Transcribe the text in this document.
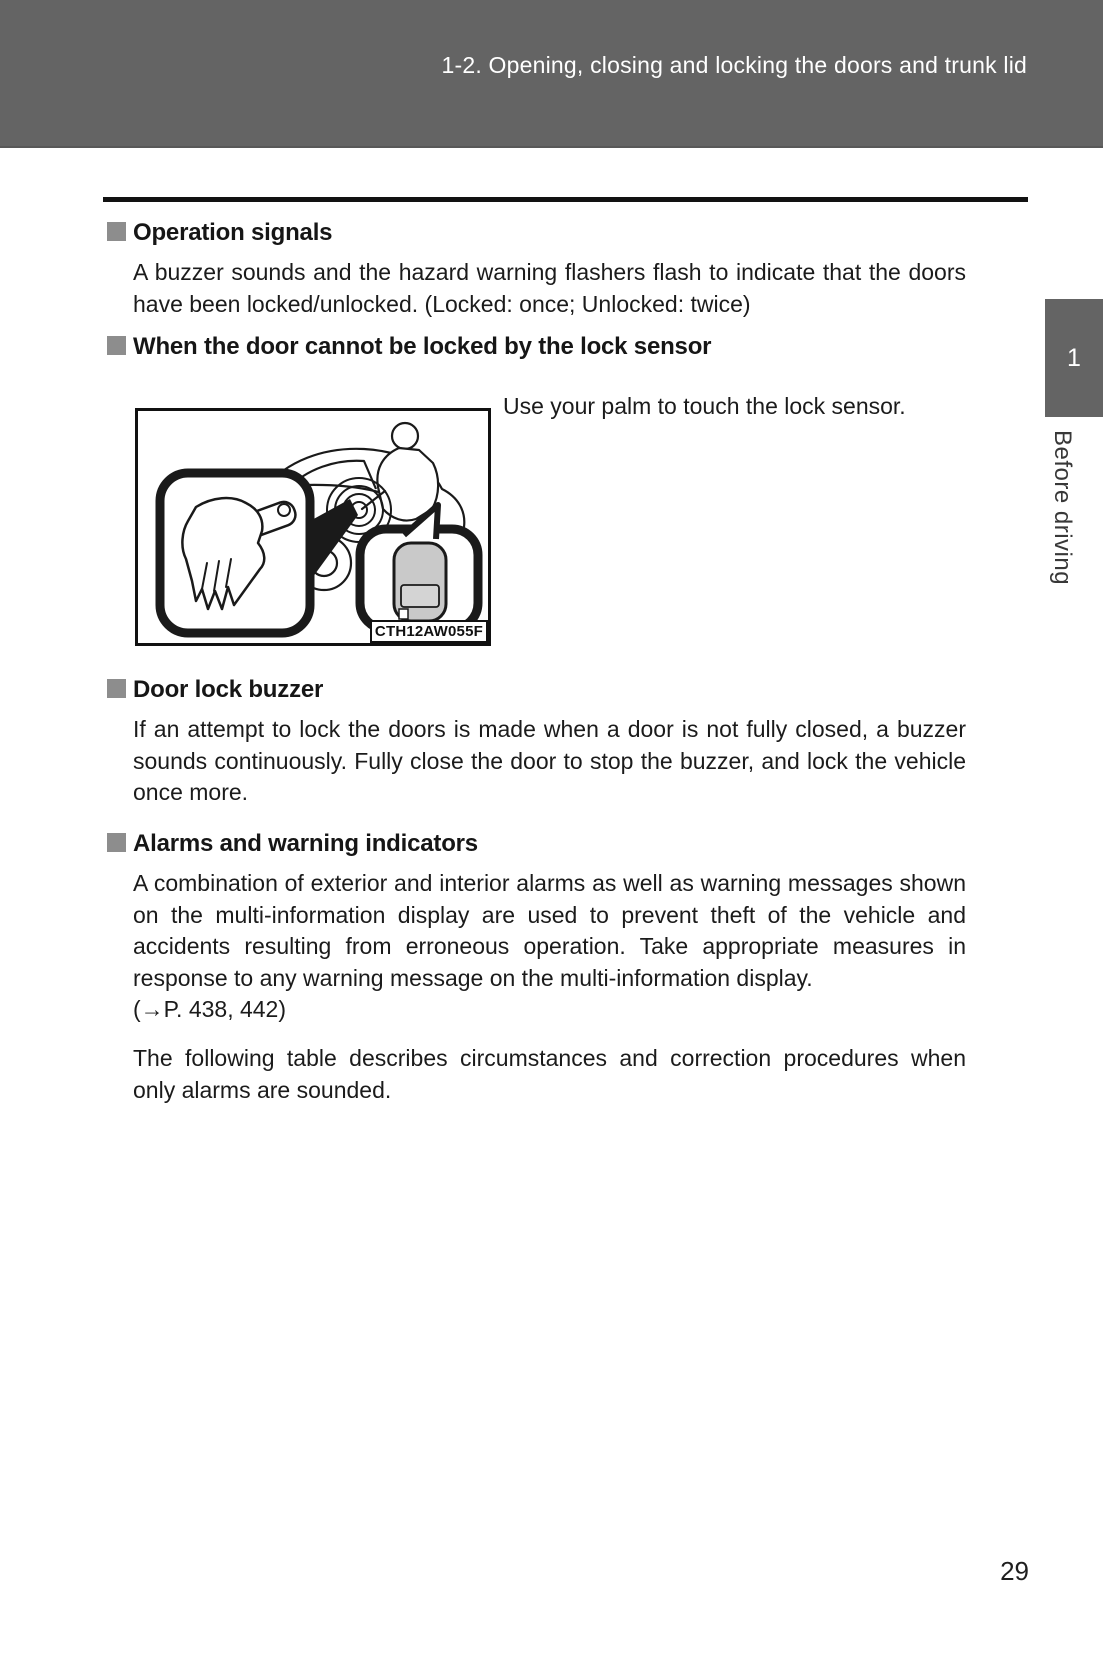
1-2. Opening, closing and locking the doors and trunk lid
Operation signals
A buzzer sounds and the hazard warning flashers flash to indicate that the doors have been locked/unlocked. (Locked: once; Unlocked: twice)
When the door cannot be locked by the lock sensor
CTH12AW055F
Use your palm to touch the lock sensor.
Door lock buzzer
If an attempt to lock the doors is made when a door is not fully closed, a buzzer sounds continuously. Fully close the door to stop the buzzer, and lock the vehicle once more.
Alarms and warning indicators
A combination of exterior and interior alarms as well as warning messages shown on the multi-information display are used to prevent theft of the vehicle and accidents resulting from erroneous operation. Take appropriate measures in response to any warning message on the multi-information display.
(→P. 438, 442)
The following table describes circumstances and correction procedures when only alarms are sounded.
1
Before driving
29
